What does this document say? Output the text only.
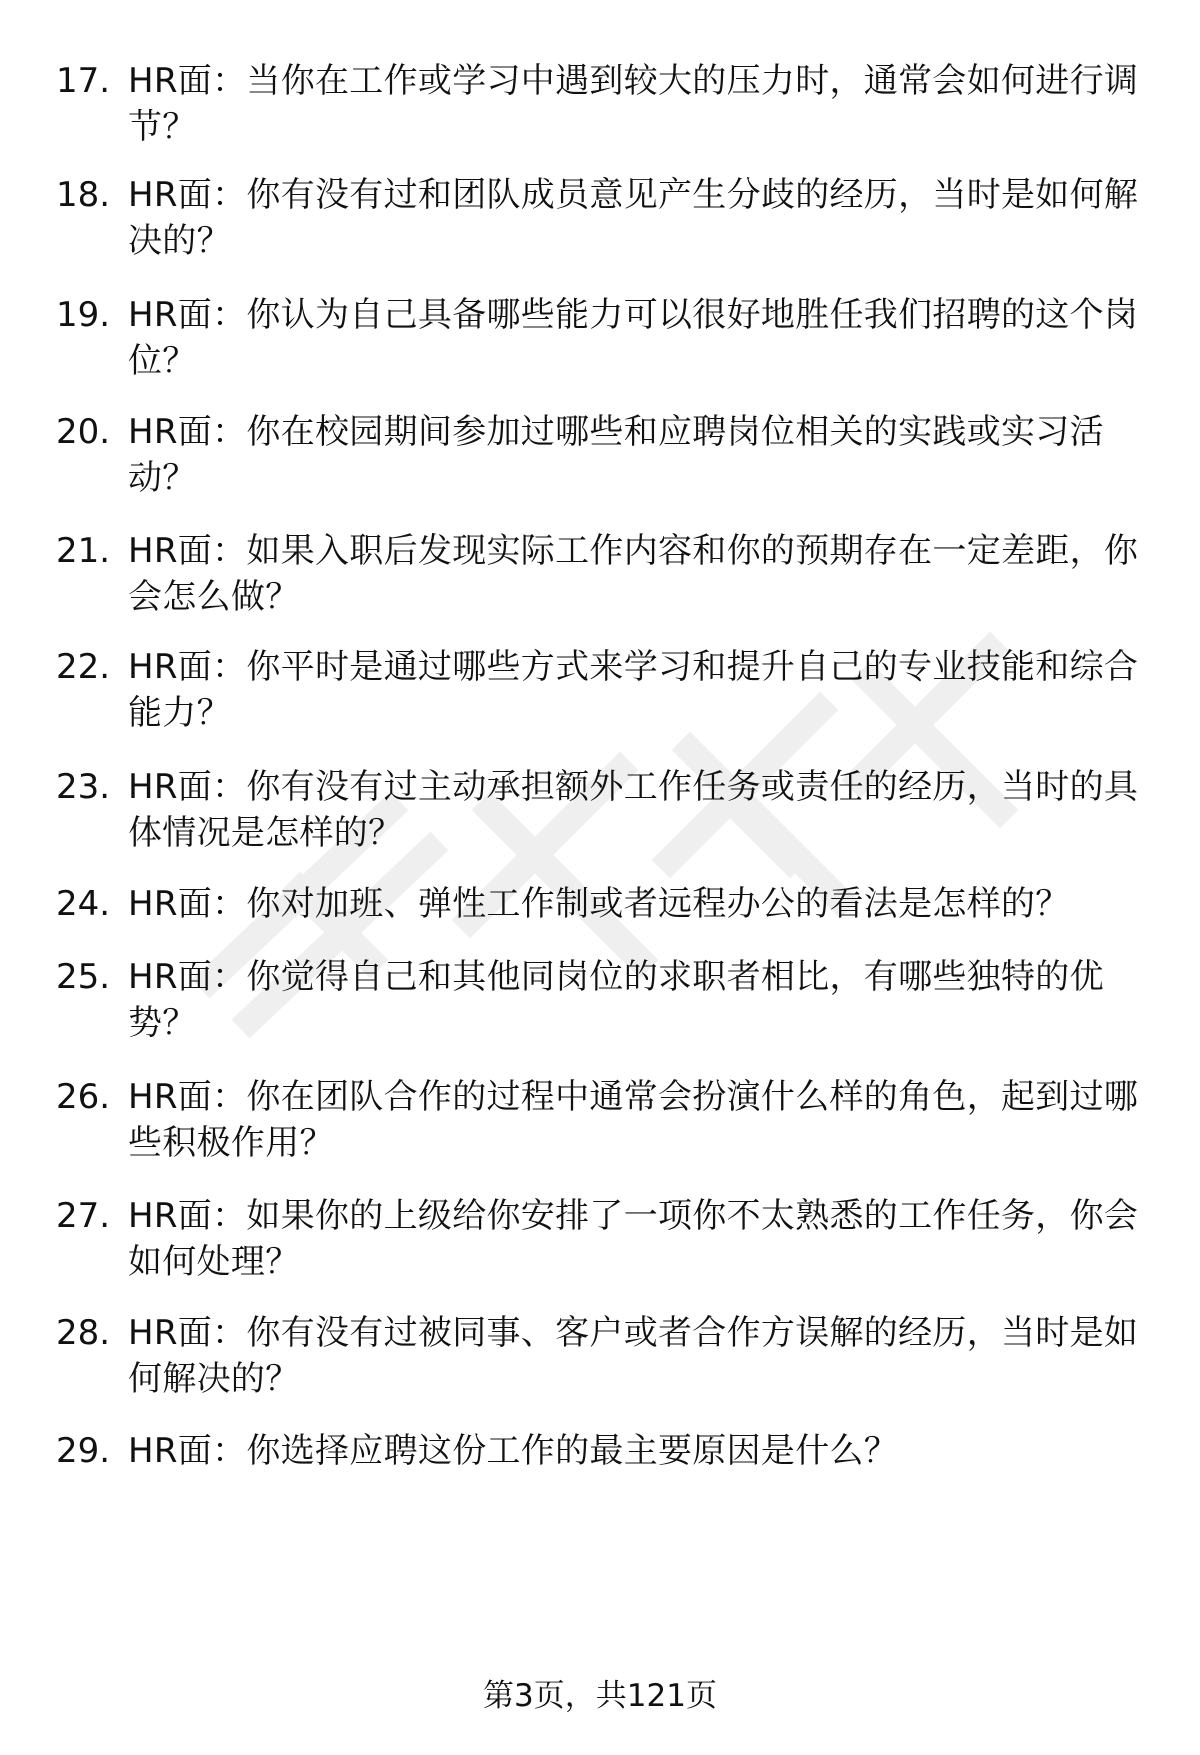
17. HR面：当你在工作或学习中遇到较大的压力时，通常会如何进行调节？
18. HR面：你有没有过和团队成员意见产生分歧的经历，当时是如何解决的？
19. HR面：你认为自己具备哪些能力可以很好地胜任我们招聘的这个岗位？
20. HR面：你在校园期间参加过哪些和应聘岗位相关的实践或实习活动？
21. HR面：如果入职后发现实际工作内容和你的预期存在一定差距，你会怎么做？
22. HR面：你平时是通过哪些方式来学习和提升自己的专业技能和综合能力？
23. HR面：你有没有过主动承担额外工作任务或责任的经历，当时的具体情况是怎样的？
24. HR面：你对加班、弹性工作制或者远程办公的看法是怎样的？
25. HR面：你觉得自己和其他同岗位的求职者相比，有哪些独特的优势？
26. HR面：你在团队合作的过程中通常会扮演什么样的角色，起到过哪些积极作用？
27. HR面：如果你的上级给你安排了一项你不太熟悉的工作任务，你会如何处理？
28. HR面：你有没有过被同事、客户或者合作方误解的经历，当时是如何解决的？
29. HR面：你选择应聘这份工作的最主要原因是什么？
第3页，共121页
